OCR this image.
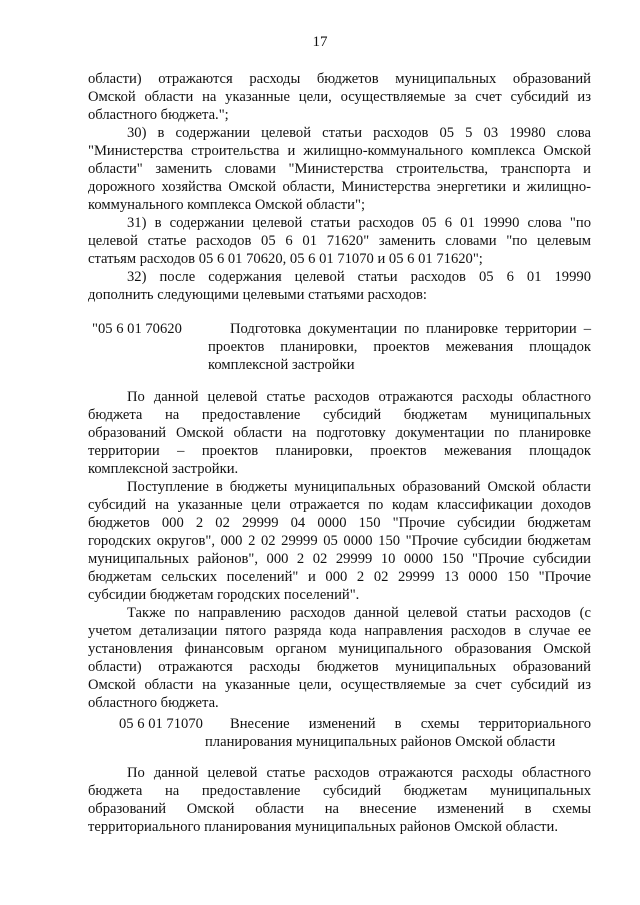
17
области) отражаются расходы бюджетов муниципальных образований
Омской области на указанные цели, осуществляемые за счет субсидий из
областного бюджета.";
30) в содержании целевой статьи расходов 05 5 03 19980 слова
"Министерства строительства и жилищно-коммунального комплекса Омской
области" заменить словами "Министерства строительства, транспорта и
дорожного хозяйства Омской области, Министерства энергетики и жилищно-
коммунального комплекса Омской области";
31) в содержании целевой статьи расходов 05 6 01 19990 слова "по
целевой статье расходов 05 6 01 71620" заменить словами "по целевым
статьям расходов 05 6 01 70620, 05 6 01 71070 и 05 6 01 71620";
32) после содержания целевой статьи расходов 05 6 01 19990
дополнить следующими целевыми статьями расходов:
"05 6 01 70620	Подготовка документации по планировке территории –
проектов планировки, проектов межевания площадок
комплексной застройки
По данной целевой статье расходов отражаются расходы областного
бюджета на предоставление субсидий бюджетам муниципальных
образований Омской области на подготовку документации по планировке
территории – проектов планировки, проектов межевания площадок
комплексной застройки.
Поступление в бюджеты муниципальных образований Омской области
субсидий на указанные цели отражается по кодам классификации доходов
бюджетов 000 2 02 29999 04 0000 150 "Прочие субсидии бюджетам
городских округов", 000 2 02 29999 05 0000 150 "Прочие субсидии бюджетам
муниципальных районов", 000 2 02 29999 10 0000 150 "Прочие субсидии
бюджетам сельских поселений" и 000 2 02 29999 13 0000 150 "Прочие
субсидии бюджетам городских поселений".
Также по направлению расходов данной целевой статьи расходов (с
учетом детализации пятого разряда кода направления расходов в случае ее
установления финансовым органом муниципального образования Омской
области) отражаются расходы бюджетов муниципальных образований
Омской области на указанные цели, осуществляемые за счет субсидий из
областного бюджета.
05 6 01 71070 Внесение изменений в схемы территориального
планирования муниципальных районов Омской области
По данной целевой статье расходов отражаются расходы областного
бюджета на предоставление субсидий бюджетам муниципальных
образований Омской области на внесение изменений в схемы
территориального планирования муниципальных районов Омской области.
